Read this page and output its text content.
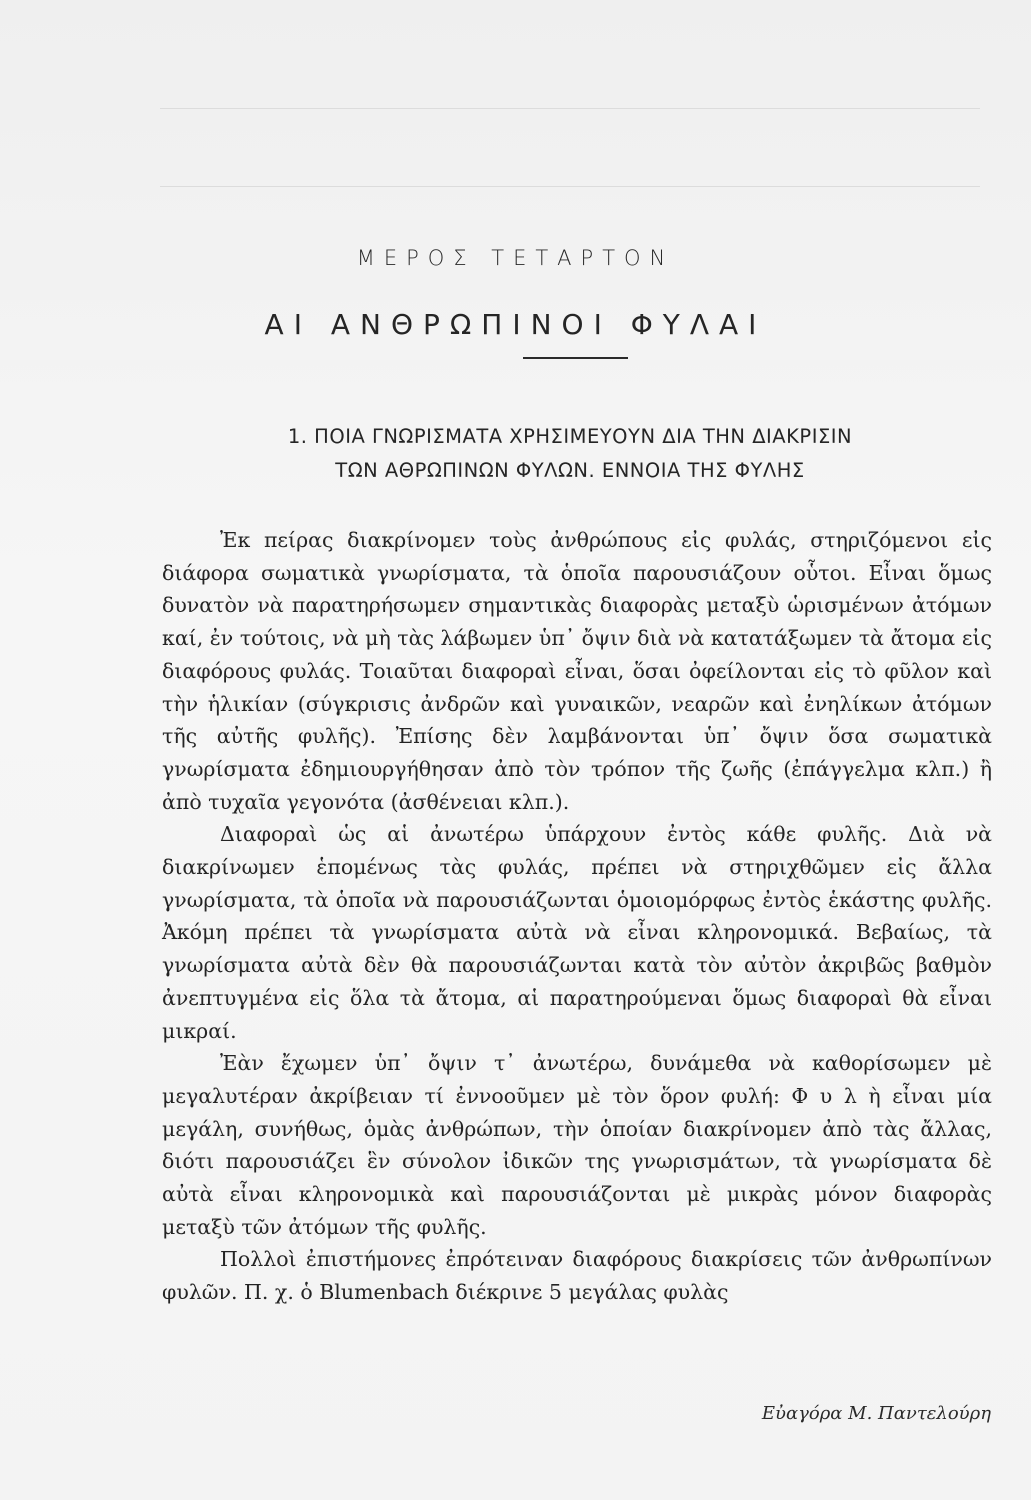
ΜΕΡΟΣ ΤΕΤΑΡΤΟΝ
ΑΙ ΑΝΘΡΩΠΙΝΟΙ ΦΥΛΑΙ
1. ΠΟΙΑ ΓΝΩΡΙΣΜΑΤΑ ΧΡΗΣΙΜΕΥΟΥΝ ΔΙΑ ΤΗΝ ΔΙΑΚΡΙΣΙΝ
ΤΩΝ ΑΘΡΩΠΙΝΩΝ ΦΥΛΩΝ. ΕΝΝΟΙΑ ΤΗΣ ΦΥΛΗΣ

Ἐκ πείρας διακρίνομεν τοὺς ἀνθρώπους εἰς φυλάς, στηριζόμενοι εἰς διάφορα σωματικὰ γνωρίσματα, τὰ ὁποῖα παρουσιάζουν οὗτοι. Εἶναι ὅμως δυνατὸν νὰ παρατηρήσωμεν σημαντικὰς διαφορὰς μεταξὺ ὡρισμένων ἀτόμων καί, ἐν τούτοις, νὰ μὴ τὰς λάβωμεν ὑπ᾽ ὄψιν διὰ νὰ κατατάξωμεν τὰ ἄτομα εἰς διαφόρους φυλάς. Τοιαῦται διαφοραὶ εἶναι, ὅσαι ὀφείλονται εἰς τὸ φῦλον καὶ τὴν ἡλικίαν (σύγκρισις ἀνδρῶν καὶ γυναικῶν, νεαρῶν καὶ ἐνηλίκων ἀτόμων τῆς αὐτῆς φυλῆς). Ἐπίσης δὲν λαμβάνονται ὑπ᾽ ὄψιν ὅσα σωματικὰ γνωρίσματα ἐδημιουργήθησαν ἀπὸ τὸν τρόπον τῆς ζωῆς (ἐπάγγελμα κλπ.) ἢ ἀπὸ τυχαῖα γεγονότα (ἀσθένειαι κλπ.).

Διαφοραὶ ὡς αἱ ἀνωτέρω ὑπάρχουν ἐντὸς κάθε φυλῆς. Διὰ νὰ διακρίνωμεν ἑπομένως τὰς φυλάς, πρέπει νὰ στηριχθῶμεν εἰς ἄλλα γνωρίσματα, τὰ ὁποῖα νὰ παρουσιάζωνται ὁμοιομόρφως ἐντὸς ἑκάστης φυλῆς. Ἀκόμη πρέπει τὰ γνωρίσματα αὐτὰ νὰ εἶναι κληρονομικά. Βεβαίως, τὰ γνωρίσματα αὐτὰ δὲν θὰ παρουσιάζωνται κατὰ τὸν αὐτὸν ἀκριβῶς βαθμὸν ἀνεπτυγμένα εἰς ὅλα τὰ ἄτομα, αἱ παρατηρούμεναι ὅμως διαφοραὶ θὰ εἶναι μικραί.

Ἐὰν ἔχωμεν ὑπ᾽ ὄψιν τ᾽ ἀνωτέρω, δυνάμεθα νὰ καθορίσωμεν μὲ μεγαλυτέραν ἀκρίβειαν τί ἐννοοῦμεν μὲ τὸν ὅρον φυλή: Φ υ λ ὴ εἶναι μία μεγάλη, συνήθως, ὁμὰς ἀνθρώπων, τὴν ὁποίαν διακρίνομεν ἀπὸ τὰς ἄλλας, διότι παρουσιάζει ἓν σύνολον ἰδικῶν της γνωρισμάτων, τὰ γνωρίσματα δὲ αὐτὰ εἶναι κληρονομικὰ καὶ παρουσιάζονται μὲ μικρὰς μόνον διαφορὰς μεταξὺ τῶν ἀτόμων τῆς φυλῆς.

Πολλοὶ ἐπιστήμονες ἐπρότειναν διαφόρους διακρίσεις τῶν ἀνθρωπίνων φυλῶν. Π. χ. ὁ Blumenbach διέκρινε 5 μεγάλας φυλὰς

Εὐαγόρα Μ. Παντελούρη
